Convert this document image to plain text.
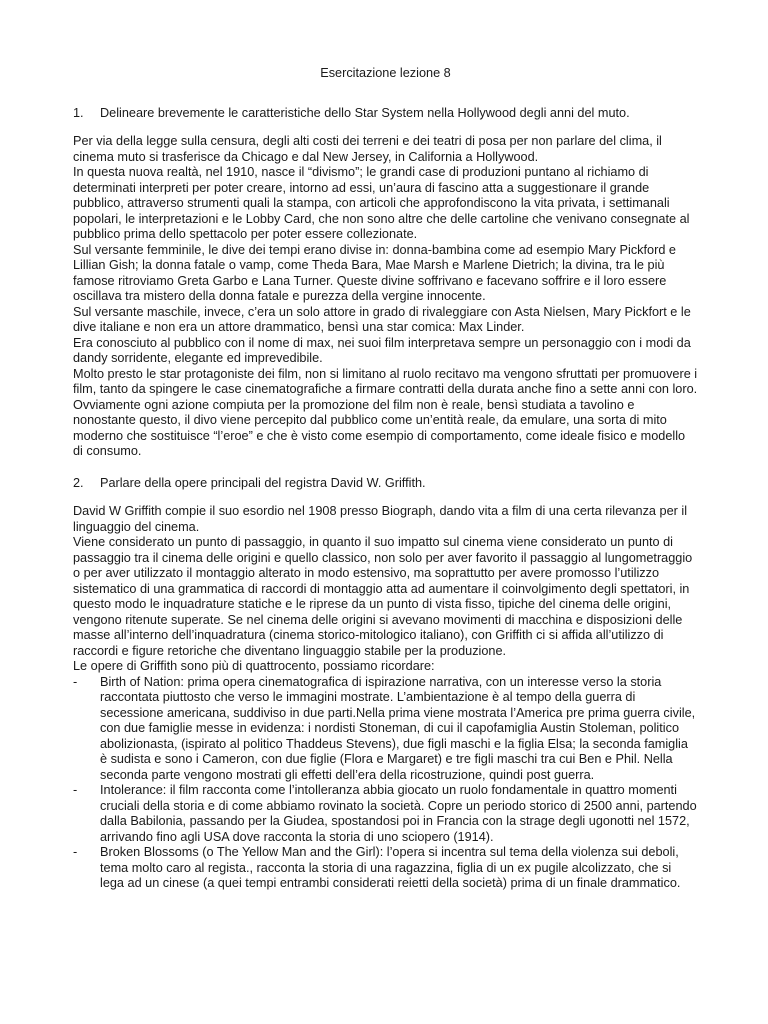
Esercitazione lezione 8
1. Delineare brevemente le caratteristiche dello Star System nella Hollywood degli anni del muto.

Per via della legge sulla censura, degli alti costi dei terreni e dei teatri di posa per non parlare del clima, il cinema muto si trasferisce da Chicago e dal New Jersey, in California a Hollywood.

In questa nuova realtà, nel 1910, nasce il “divismo”; le grandi case di produzioni puntano al richiamo di determinati interpreti per poter creare, intorno ad essi, un’aura di fascino atta a suggestionare il grande pubblico, attraverso strumenti quali la stampa, con articoli che approfondiscono la vita privata, i settimanali popolari, le interpretazioni e le Lobby Card, che non sono altre che delle cartoline che venivano consegnate al pubblico prima dello spettacolo per poter essere collezionate.

Sul versante femminile, le dive dei tempi erano divise in: donna-bambina come ad esempio Mary Pickford e Lillian Gish; la donna fatale o vamp, come Theda Bara, Mae Marsh e Marlene Dietrich; la divina, tra le più famose ritroviamo Greta Garbo e Lana Turner. Queste divine soffrivano e facevano soffrire e il loro essere oscillava tra mistero della donna fatale e purezza della vergine innocente.

Sul versante maschile, invece, c’era un solo attore in grado di rivaleggiare con Asta Nielsen, Mary Pickfort e le dive italiane e non era un attore drammatico, bensì una star comica: Max Linder.

Era conosciuto al pubblico con il nome di max, nei suoi film interpretava sempre un personaggio con i modi da dandy sorridente, elegante ed imprevedibile.

Molto presto le star protagoniste dei film, non si limitano al ruolo recitavo ma vengono sfruttati per promuovere i film, tanto da spingere le case cinematografiche a firmare contratti della durata anche fino a sette anni con loro. Ovviamente ogni azione compiuta per la promozione del film non è reale, bensì studiata a tavolino e nonostante questo, il divo viene percepito dal pubblico come un’entità reale, da emulare, una sorta di mito moderno che sostituisce “l’eroe” e che è visto come esempio di comportamento, come ideale fisico e modello di consumo.

2. Parlare della opere principali del registra David W. Griffith.

David W Griffith compie il suo esordio nel 1908 presso Biograph, dando vita a film di una certa rilevanza per il linguaggio del cinema.

Viene considerato un punto di passaggio, in quanto il suo impatto sul cinema viene considerato un punto di passaggio tra il cinema delle origini e quello classico, non solo per aver favorito il passaggio al lungometraggio o per aver utilizzato il montaggio alterato in modo estensivo, ma soprattutto per avere promosso l’utilizzo sistematico di una grammatica di raccordi di montaggio atta ad aumentare il coinvolgimento degli spettatori, in questo modo le inquadrature statiche e le riprese da un punto di vista fisso, tipiche del cinema delle origini, vengono ritenute superate. Se nel cinema delle origini si avevano movimenti di macchina e disposizioni delle masse all’interno dell’inquadratura (cinema storico-mitologico italiano), con Griffith ci si affida all’utilizzo di raccordi e figure retoriche che diventano linguaggio stabile per la produzione.

Le opere di Griffith sono più di quattrocento, possiamo ricordare:

- Birth of Nation: prima opera cinematografica di ispirazione narrativa, con un interesse verso la storia raccontata piuttosto che verso le immagini mostrate. L’ambientazione è al tempo della guerra di secessione americana, suddiviso in due parti.Nella prima viene mostrata l’America pre prima guerra civile, con due famiglie messe in evidenza: i nordisti Stoneman, di cui il capofamiglia Austin Stoleman, politico abolizionasta, (ispirato al politico Thaddeus Stevens), due figli maschi e la figlia Elsa; la seconda famiglia è sudista e sono i Cameron, con due figlie (Flora e Margaret) e tre figli maschi tra cui Ben e Phil. Nella seconda parte vengono mostrati gli effetti dell’era della ricostruzione, quindi post guerra.
- Intolerance: il film racconta come l’intolleranza abbia giocato un ruolo fondamentale in quattro momenti cruciali della storia e di come abbiamo rovinato la società. Copre un periodo storico di 2500 anni, partendo dalla Babilonia, passando per la Giudea, spostandosi poi in Francia con la strage degli ugonotti nel 1572, arrivando fino agli USA dove racconta la storia di uno sciopero (1914).
- Broken Blossoms (o The Yellow Man and the Girl): l’opera si incentra sul tema della violenza sui deboli, tema molto caro al regista., racconta la storia di una ragazzina, figlia di un ex pugile alcolizzato, che si lega ad un cinese (a quei tempi entrambi considerati reietti della società) prima di un finale drammatico.
